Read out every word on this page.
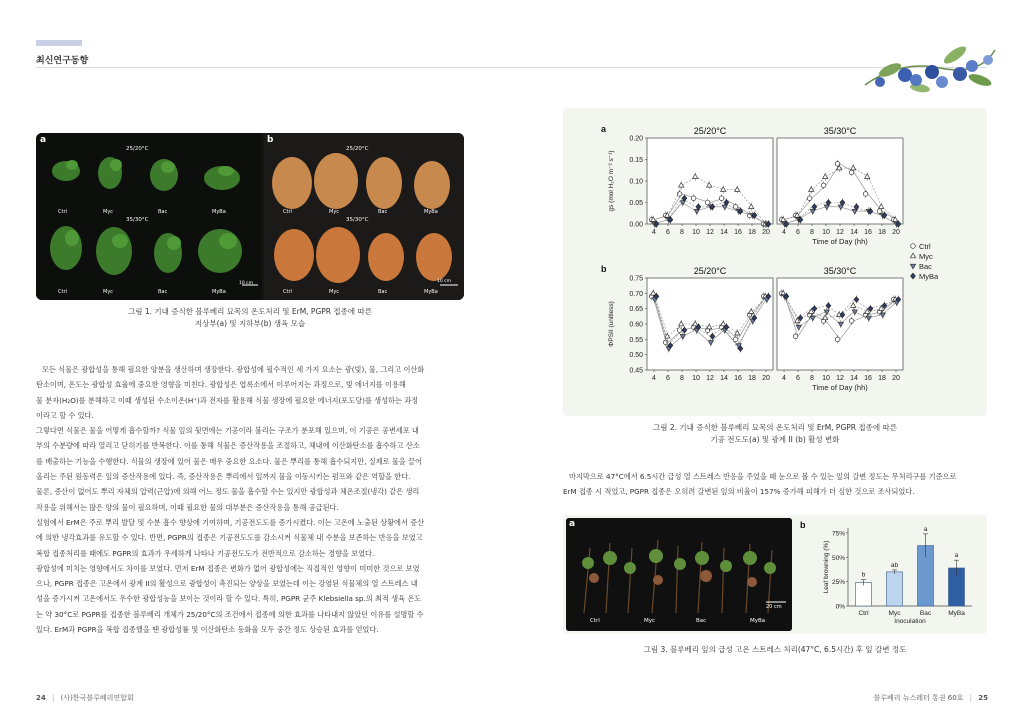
최신연구동향
a	b
25/20°C
35/30°C
25/20°C
35/30°C
Ctrl	Myc	Bac	MyBa
Ctrl	Myc	Bac	MyBa
10 cm
Ctrl	Myc	Bac	MyBa
Ctrl	Myc	Bac	MyBa
10 cm
그림 1. 기내 증식한 블루베리 묘목의 온도처리 및 ErM, PGPR 접종에 따른
지상부(a) 및 지하부(b) 생육 모습

모든 식물은 광합성을 통해 필요한 양분을 생산하며 생장한다. 광합성에 필수적인 세 가지 요소는 광(빛), 물, 그리고 이산화

탄소이며, 온도는 광합성 효율에 중요한 영향을 미친다. 광합성은 엽록소에서 이루어지는 과정으로, 빛 에너지를 이용해

물 분자(H₂O)를 분해하고 이때 생성된 수소이온(H⁺)과 전자를 활용해 식물 생장에 필요한 에너지(포도당)를 생성하는 과정

이라고 할 수 있다.

그렇다면 식물은 물을 어떻게 흡수할까? 식물 잎의 뒷면에는 기공이라 불리는 구조가 분포해 있으며, 이 기공은 공변세포 내

부의 수분량에 따라 열리고 닫히기를 반복한다. 이를 통해 식물은 증산작용을 조절하고, 체내에 이산화탄소를 흡수하고 산소

를 배출하는 기능을 수행한다. 식물의 생장에 있어 물은 매우 중요한 요소다. 물은 뿌리를 통해 흡수되지만, 실제로 물을 끌어

올리는 주된 원동력은 잎의 증산작용에 있다. 즉, 증산작용은 뿌리에서 잎까지 물을 이동시키는 펌프와 같은 역할을 한다.

물론, 증산이 없어도 뿌리 자체의 압력(근압)에 의해 어느 정도 물을 흡수할 수는 있지만 광합성과 체온조절(냉각) 같은 생리

작용을 위해서는 많은 양의 물이 필요하며, 이때 필요한 물의 대부분은 증산작용을 통해 공급된다.

실험에서 ErM은 주로 뿌리 발달 및 수분 흡수 향상에 기여하며, 기공전도도를 증가시켰다. 이는 고온에 노출된 상황에서 증산

에 의한 냉각효과를 유도할 수 있다. 반면, PGPR의 접종은 기공전도도를 감소시켜 식물체 내 수분을 보존하는 반응을 보였고

복합 접종처리를 때에도 PGPR의 효과가 우세하게 나타나 기공전도도가 전반적으로 감소하는 경향을 보였다.

광합성에 미치는 영향에서도 차이를 보였다. 먼저 ErM 접종은 변화가 없어 광합성에는 직접적인 영향이 미미한 것으로 보였

으나, PGPR 접종은 고온에서 광계 II의 활성으로 광합성이 촉진되는 양상을 보였는데 이는 강염된 식물체의 열 스트레스 내

성을 증가시켜 고온에서도 우수한 광합성능을 보이는 것이라 할 수 있다. 특히, PGPR 균주 Klebsiella sp.의 최적 생육 온도

는 약 30°C로 PGPR를 접종한 블루베리 개체가 25/20°C의 조건에서 접종에 의한 효과를 나타내지 않았던 이유를 설명할 수

있다. ErM과 PGPR을 복합 접종했을 땐 광합성률 및 이산화탄소 동화율 모두 중간 정도 상승된 효과를 얻었다.

4 6 8 10 12 14 16 18 20 4 6 8 10 12 14 16 18 20
4 6 8 10 12 14 16 18 20 4 6 8 10 12 14 16 18 20
0.20
0.15
0.10
0.05
0.00
0.75
0.70
0.65
0.60
0.55
0.50
0.45
a
b
25/20°C	35/30°C
25/20°C	35/30°C
Time of Day (hh)
Time of Day (hh)
gs (mol H₂O m⁻² s⁻¹)
ΦPSII (unitless)
Ctrl
Myc
Bac
MyBa
그림 2. 기내 증식한 블루베리 묘목의 온도처리 및 ErM, PGPR 접종에 따른
기공 전도도(a) 및 광계 II (b) 활성 변화

마지막으로 47°C에서 6.5시간 급성 열 스트레스 반응을 주었을 때 눈으로 볼 수 있는 잎의 갈변 정도는 무처리구를 기준으로

ErM 접종 시 적었고, PGPR 접종은 오히려 갈변된 잎의 비율이 157% 증가해 피해가 더 심한 것으로 조사되었다.

a
Ctrl	Myc	Bac	MyBa
20 cm
75%
50%
25%
0%
b
Ctrl
ab
Myc
a
Bac
a
MyBa
Inoculation
Leaf browning (%)
b
그림 3. 블루베리 잎의 급성 고온 스트레스 처리(47°C, 6.5시간) 후 잎 갈변 정도
24 | (사)한국블루베리연합회	블루베리 뉴스레터 통권 60호 | 25
